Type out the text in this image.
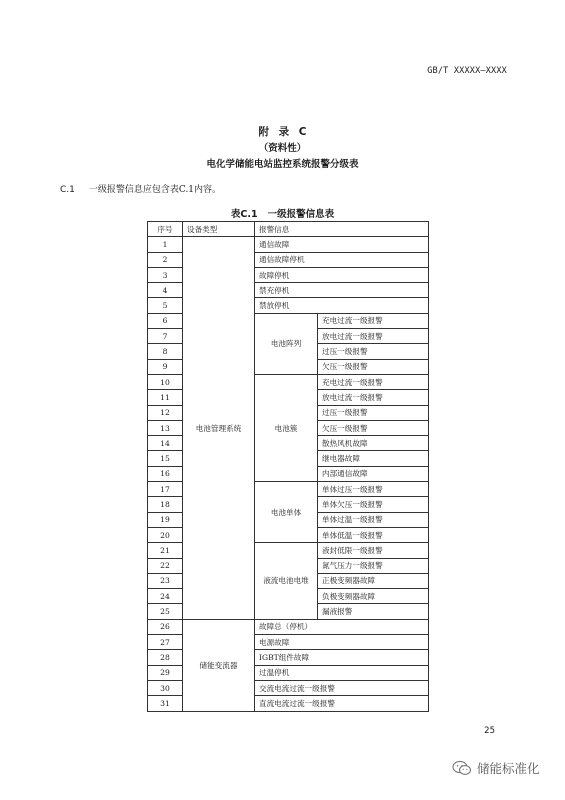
GB/T XXXXX—XXXX
附 录 C
（资料性）
电化学储能电站监控系统报警分级表
C.1 一级报警信息应包含表C.1内容。
表C.1 一级报警信息表
序号	设备类型	报警信息	
1	电池管理系统	通信故障	
2		通信故障停机	
3		故障停机	
4		禁充停机	
5		禁放停机	
6		电池阵列	充电过流一级报警
7			放电过流一级报警
8			过压一级报警
9			欠压一级报警
10		电池簇	充电过流一级报警
11			放电过流一级报警
12			过压一级报警
13			欠压一级报警
14			散热风机故障
15			继电器故障
16			内部通信故障
17		电池单体	单体过压一级报警
18			单体欠压一级报警
19			单体过温一级报警
20			单体低温一级报警
21		液流电池电堆	液封低限一级报警
22			氮气压力一级报警
23			正极变频器故障
24			负极变频器故障
25			漏液报警
26	储能变流器	故障总（停机）	
27		电源故障	
28		IGBT组件故障	
29		过温停机	
30		交流电流过流一级报警	
31		直流电流过流一级报警	
25
储能标准化
